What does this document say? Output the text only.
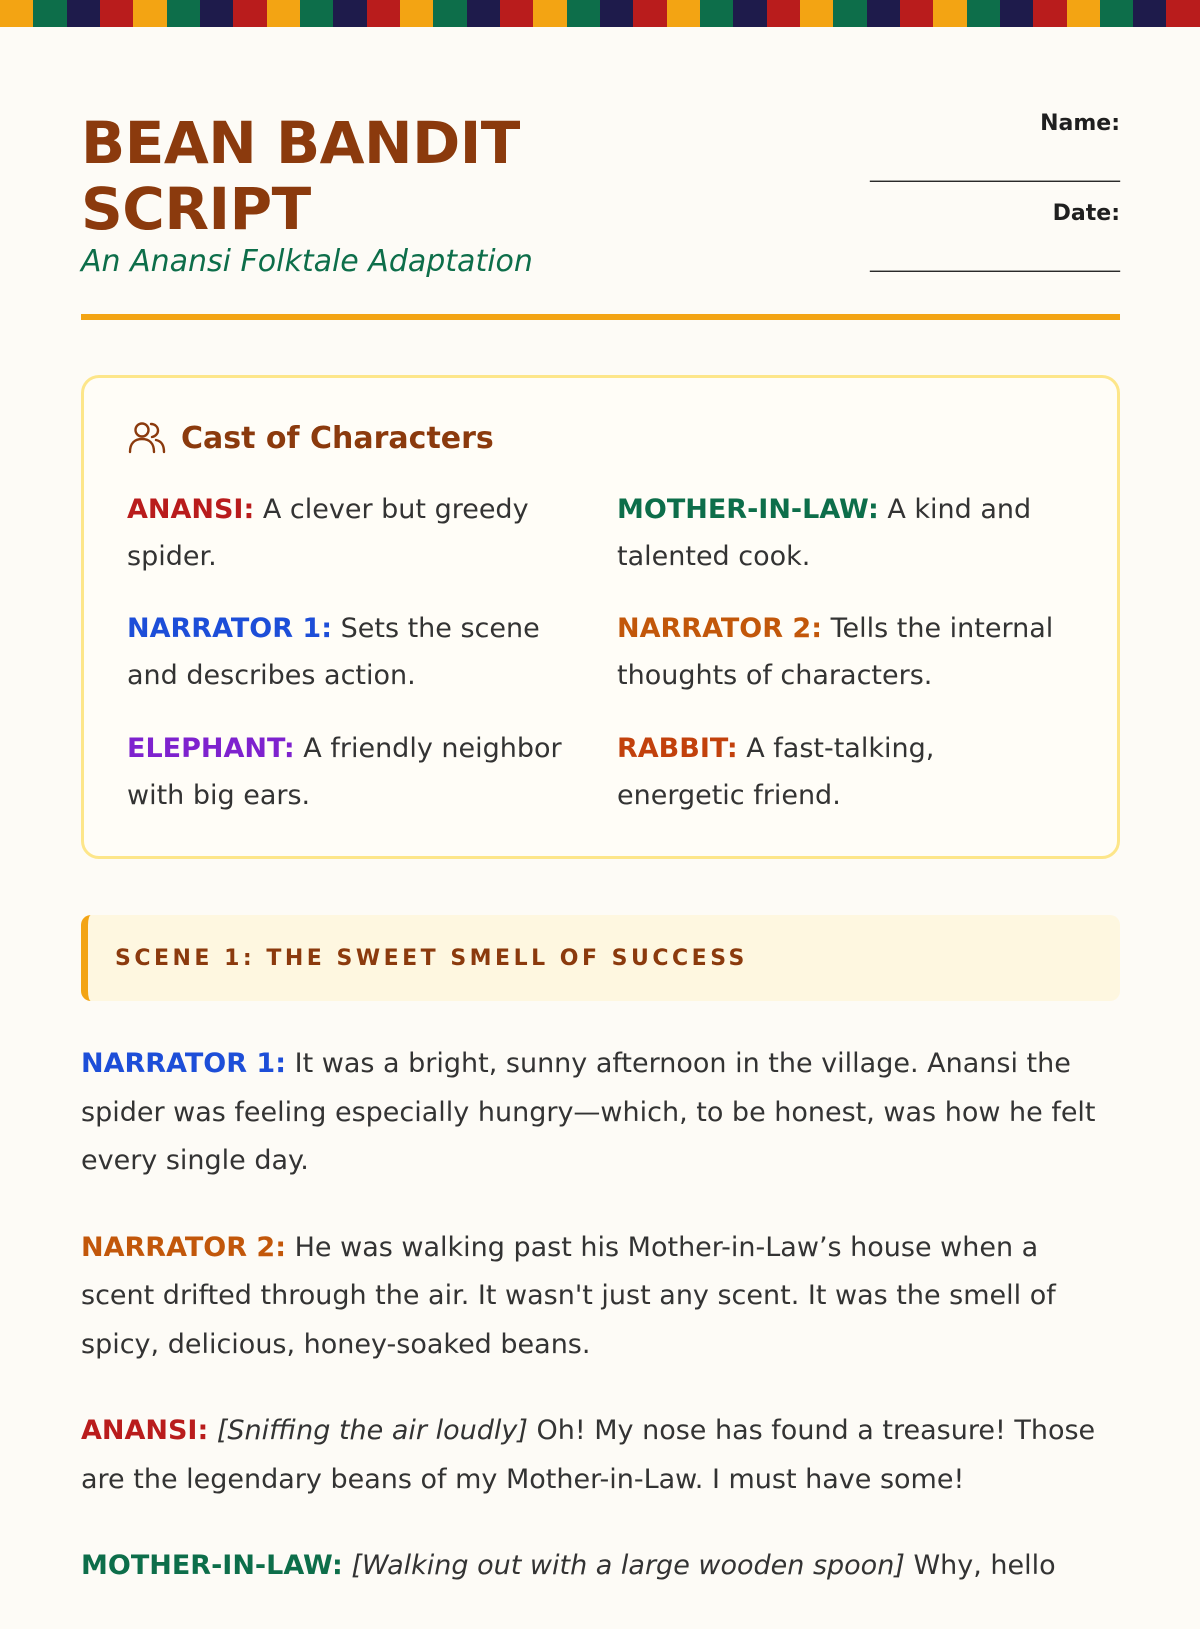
BEAN BANDIT SCRIPT

An Anansi Folktale Adaptation

Name:
_________________________
Date:
_________________________
Cast of Characters
ANANSI: A clever but greedy spider.
MOTHER-IN-LAW: A kind and talented cook.
NARRATOR 1: Sets the scene and describes action.
NARRATOR 2: Tells the internal thoughts of characters.
ELEPHANT: A friendly neighbor with big ears.
RABBIT: A fast-talking, energetic friend.
SCENE 1: THE SWEET SMELL OF SUCCESS

NARRATOR 1: It was a bright, sunny afternoon in the village. Anansi the spider was feeling especially hungry—which, to be honest, was how he felt every single day.

NARRATOR 2: He was walking past his Mother-in-Law’s house when a scent drifted through the air. It wasn't just any scent. It was the smell of spicy, delicious, honey-soaked beans.

ANANSI: [Sniffing the air loudly] Oh! My nose has found a treasure! Those are the legendary beans of my Mother-in-Law. I must have some!

MOTHER-IN-LAW: [Walking out with a large wooden spoon] Why, hello
